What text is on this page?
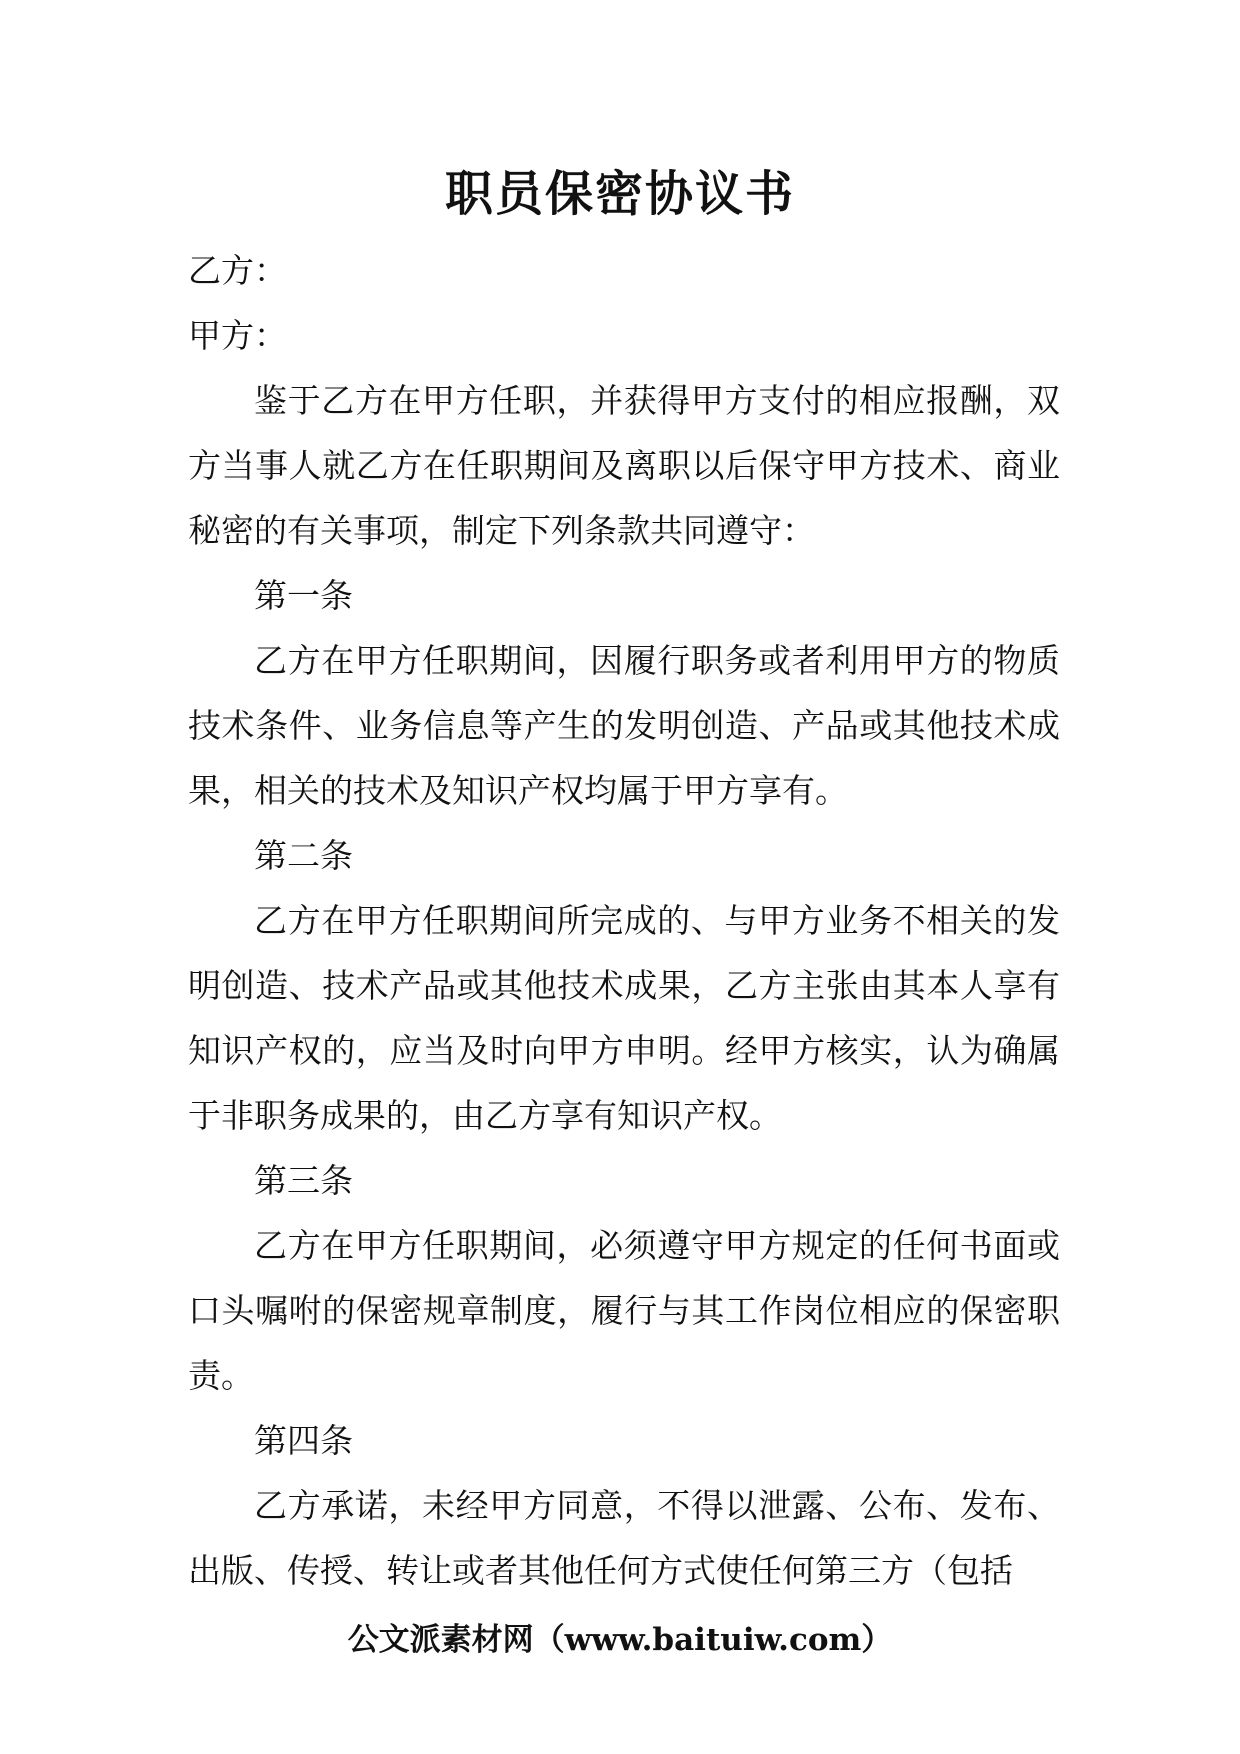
职员保密协议书

乙方：

甲方：

鉴于乙方在甲方任职，并获得甲方支付的相应报酬，双方当事人就乙方在任职期间及离职以后保守甲方技术、商业秘密的有关事项，制定下列条款共同遵守：

第一条

乙方在甲方任职期间，因履行职务或者利用甲方的物质技术条件、业务信息等产生的发明创造、产品或其他技术成果，相关的技术及知识产权均属于甲方享有。

第二条

乙方在甲方任职期间所完成的、与甲方业务不相关的发明创造、技术产品或其他技术成果，乙方主张由其本人享有知识产权的，应当及时向甲方申明。经甲方核实，认为确属于非职务成果的，由乙方享有知识产权。

第三条

乙方在甲方任职期间，必须遵守甲方规定的任何书面或口头嘱咐的保密规章制度，履行与其工作岗位相应的保密职责。

第四条

乙方承诺，未经甲方同意，不得以泄露、公布、发布、出版、传授、转让或者其他任何方式使任何第三方（包括

公文派素材网（www.baituiw.com）
